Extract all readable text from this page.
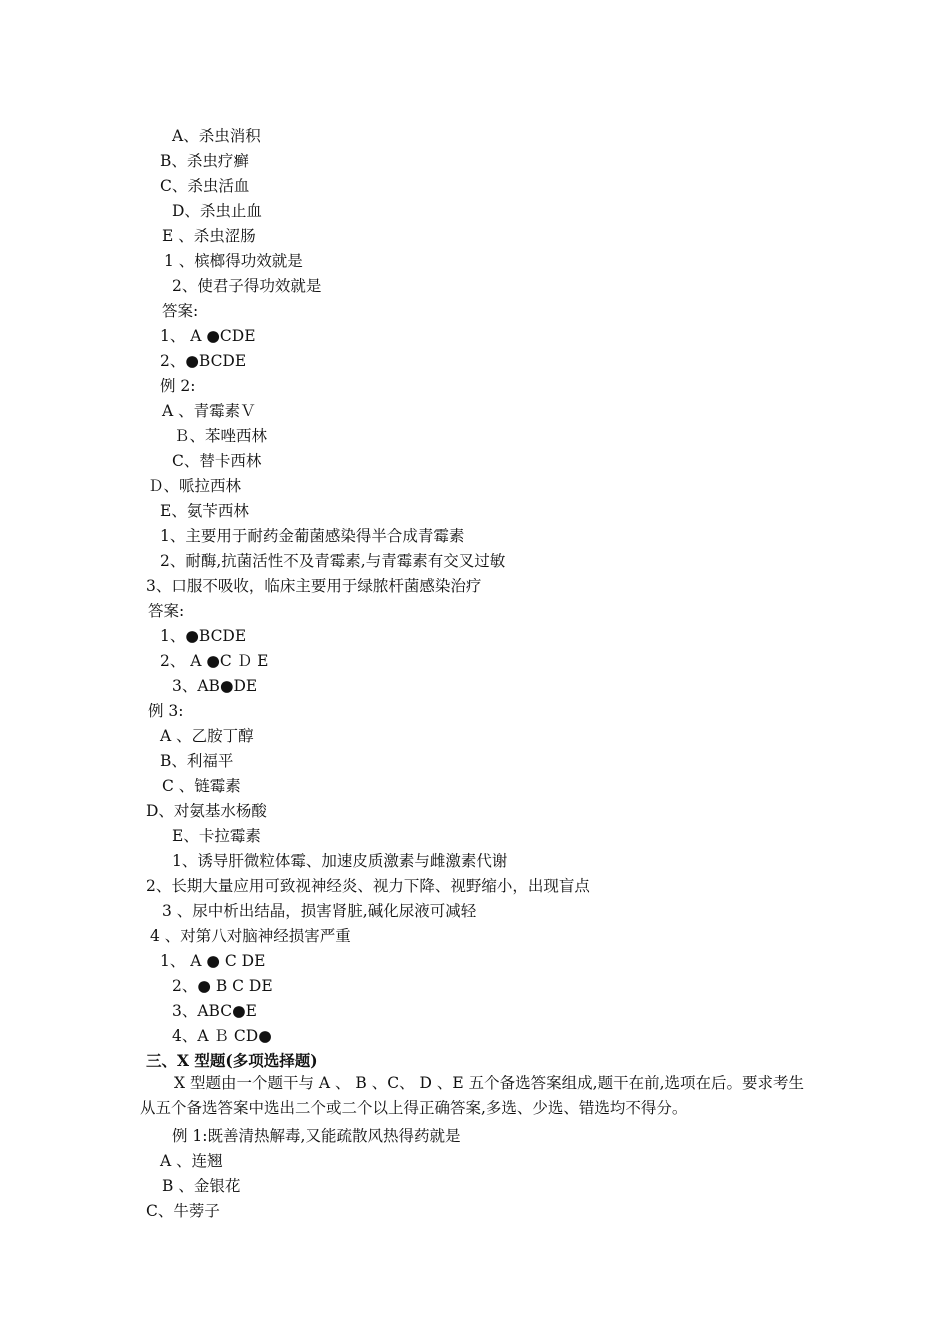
A、杀虫消积
B、杀虫疗癣
C、杀虫活血
D、杀虫止血
E 、杀虫涩肠
1 、槟榔得功效就是
2、使君子得功效就是
答案:
1、 A ●CDE
2、●BCDE
例 2:
A 、青霉素Ｖ
Ｂ、苯唑西林
C、替卡西林
Ｄ、哌拉西林
E、氨苄西林
1、主要用于耐药金葡菌感染得半合成青霉素
2、耐酶,抗菌活性不及青霉素,与青霉素有交叉过敏
3、口服不吸收，临床主要用于绿脓杆菌感染治疗
答案:
1、●BCDE
2、 A ●C Ｄ E
3、AB●DE
例 3:
A 、乙胺丁醇
B、利福平
C 、链霉素
D、对氨基水杨酸
E、卡拉霉素
1、诱导肝微粒体霉、加速皮质激素与雌激素代谢
2、长期大量应用可致视神经炎、视力下降、视野缩小，出现盲点
3 、尿中析出结晶，损害肾脏,碱化尿液可减轻
4 、对第八对脑神经损害严重
1、 A ● C DE
2、● B C DE
3、ABC●E
4、A Ｂ CD●
三、X 型题(多项选择题)
X 型题由一个题干与 A 、 B 、C、 D 、E 五个备选答案组成,题干在前,选项在后。要求考生从五个备选答案中选出二个或二个以上得正确答案,多选、少选、错选均不得分。
例 1:既善清热解毒,又能疏散风热得药就是
A 、连翘
B 、金银花
C、牛蒡子
